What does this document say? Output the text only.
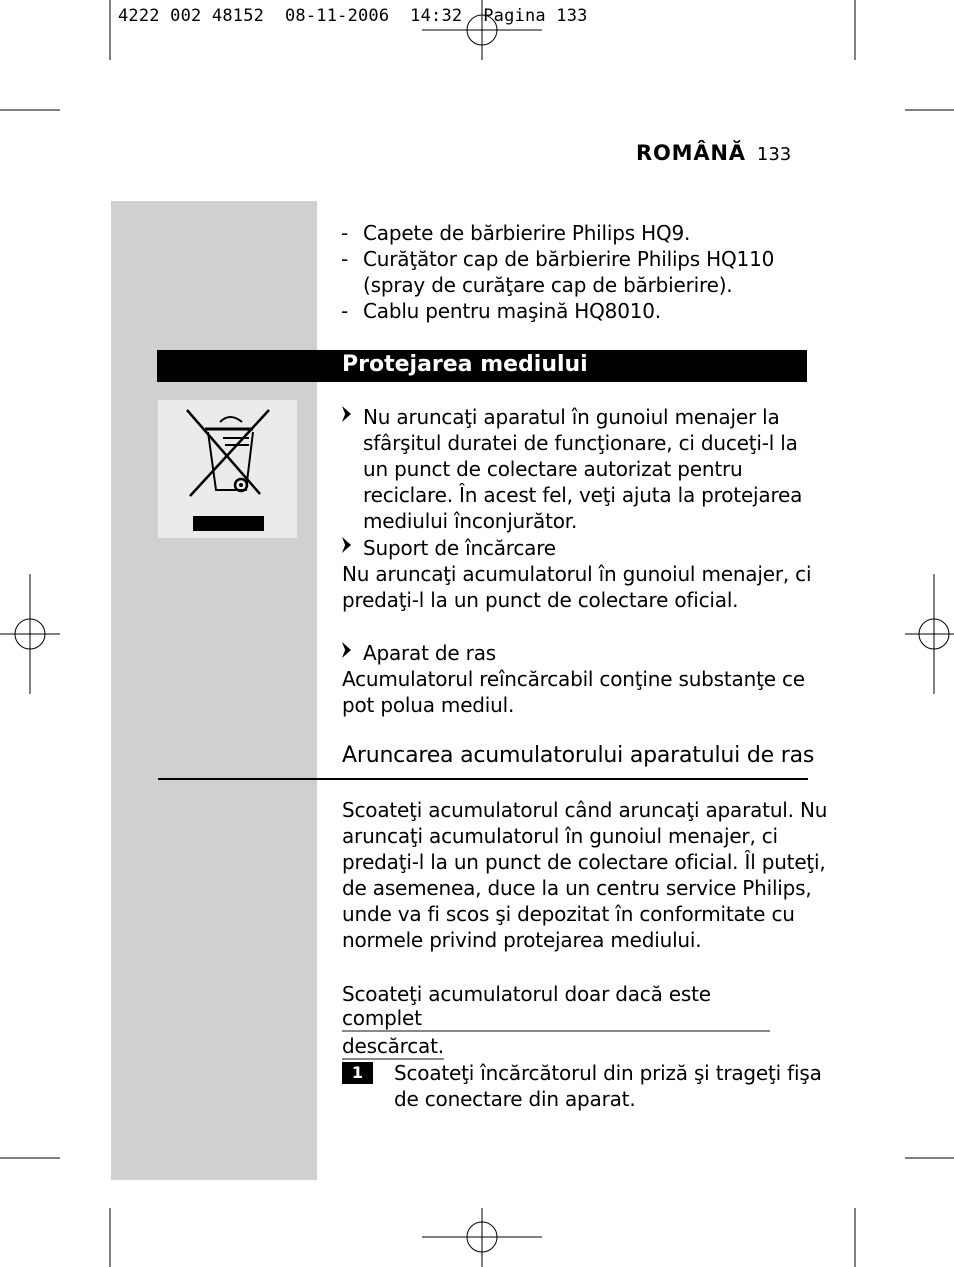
4222 002 48152  08-11-2006  14:32  Pagina 133
ROMÂNĂ 133
- Capete de bărbierire Philips HQ9.
- Curăţător cap de bărbierire Philips HQ110
(spray de curăţare cap de bărbierire).
- Cablu pentru maşină HQ8010.
Protejarea mediului
Nu aruncaţi aparatul în gunoiul menajer la
sfârşitul duratei de funcţionare, ci duceţi-l la
un punct de colectare autorizat pentru
reciclare. În acest fel, veţi ajuta la protejarea
mediului înconjurător.
Suport de încărcare
Nu aruncaţi acumulatorul în gunoiul menajer, ci
predaţi-l la un punct de colectare oficial.
Aparat de ras
Acumulatorul reîncărcabil conţine substanţe ce
pot polua mediul.
Aruncarea acumulatorului aparatului de ras
Scoateţi acumulatorul când aruncaţi aparatul. Nu
aruncaţi acumulatorul în gunoiul menajer, ci
predaţi-l la un punct de colectare oficial. Îl puteţi,
de asemenea, duce la un centru service Philips,
unde va fi scos şi depozitat în conformitate cu
normele privind protejarea mediului.
Scoateţi acumulatorul doar dacă este complet
descărcat.
1	Scoateţi încărcătorul din priză şi trageţi fişa
de conectare din aparat.
